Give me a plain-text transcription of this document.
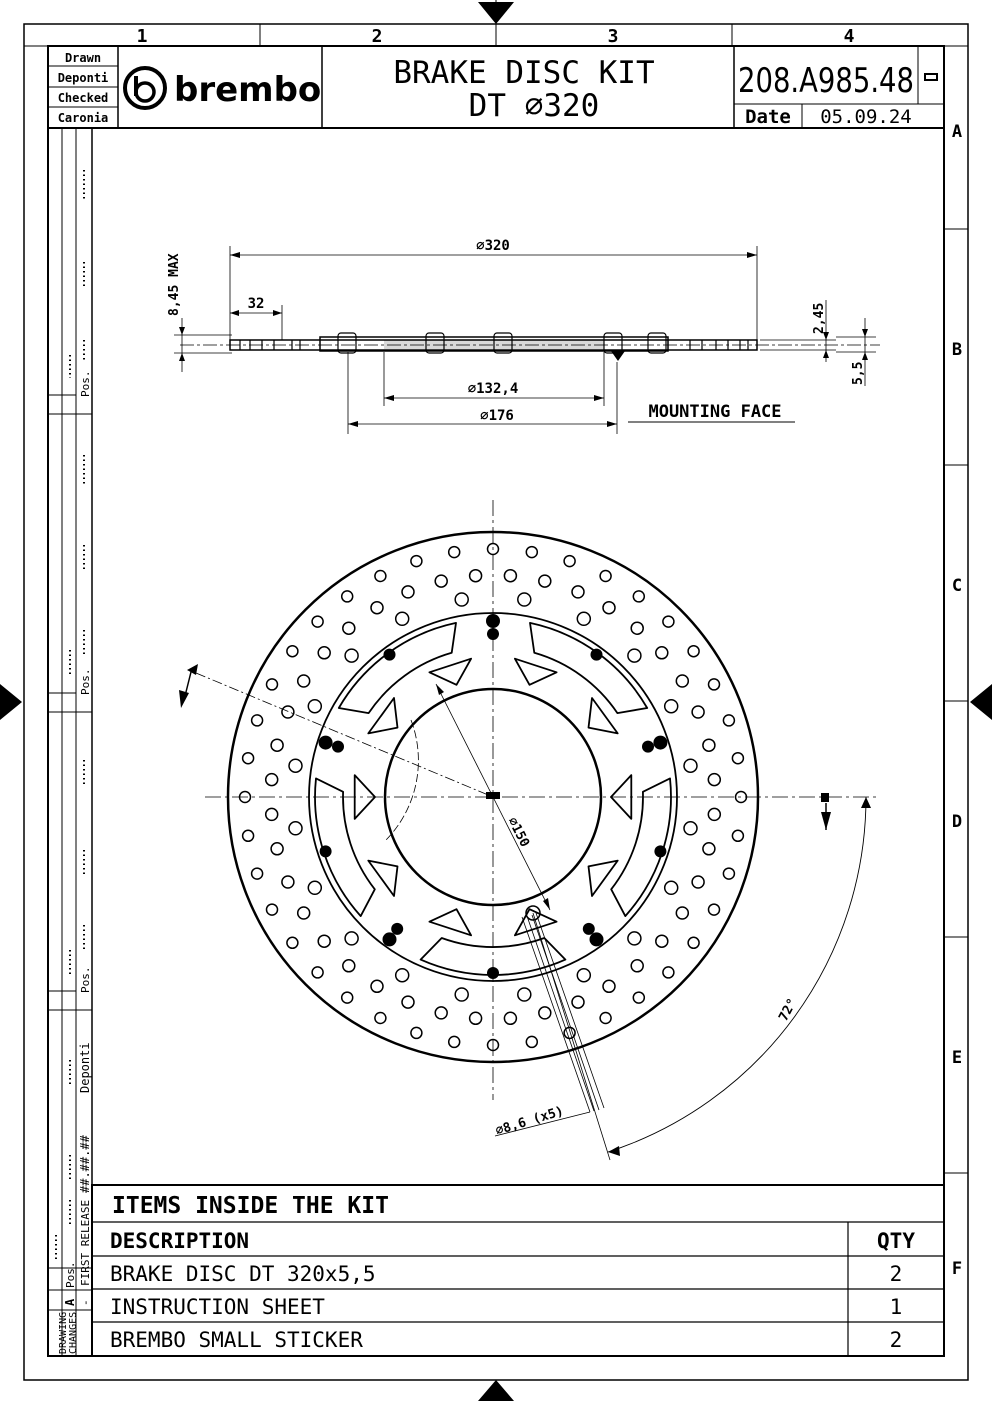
1	2	3	4
A
B
C
D
E
F
Drawn
Deponti
Checked
Caronia
brembo BRAKE DISC KIT
DT ∅320
208.A985.48
Date 05.09.24
Pos.
Pos.
Pos.
Deponti
##.##.##
FIRST RELEASE
-
A
Pos.
DRAWING CHANGES
∅320
32
8,45 MAX
2,45
5,5
∅132,4
∅176	MOUNTING FACE
∅150
∅8,6 (x5)
72°
ITEMS INSIDE THE KIT
DESCRIPTION	QTY
BRAKE DISC DT 320x5,5	2
INSTRUCTION SHEET	1
BREMBO SMALL STICKER	2
